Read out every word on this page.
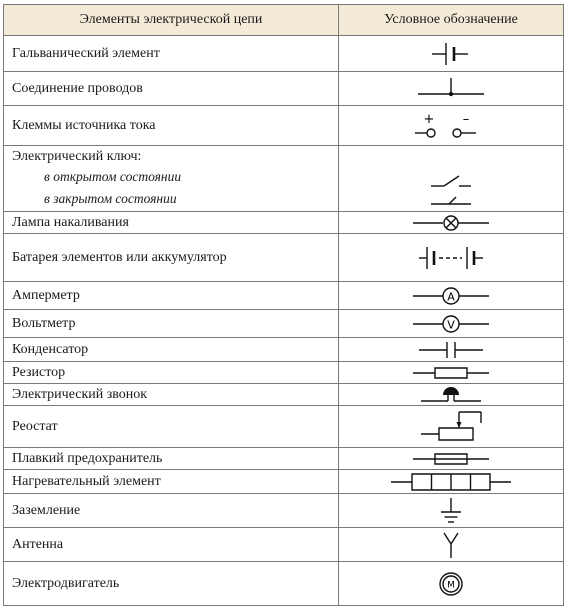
Элементы электрической цепи	Условное обозначение
Гальванический элемент	

Соединение проводов	

Клеммы источника тока	+ –

Электрический ключ:
в открытом состоянии
в закрытом состоянии

Лампа накаливания	

Батарея элементов или аккумулятор	

Амперметр	A

Вольтметр	V

Конденсатор	

Резистор	

Электрический звонок	

Реостат	

Плавкий предохранитель	

Нагревательный элемент	

Заземление	

Антенна	

Электродвигатель	M
